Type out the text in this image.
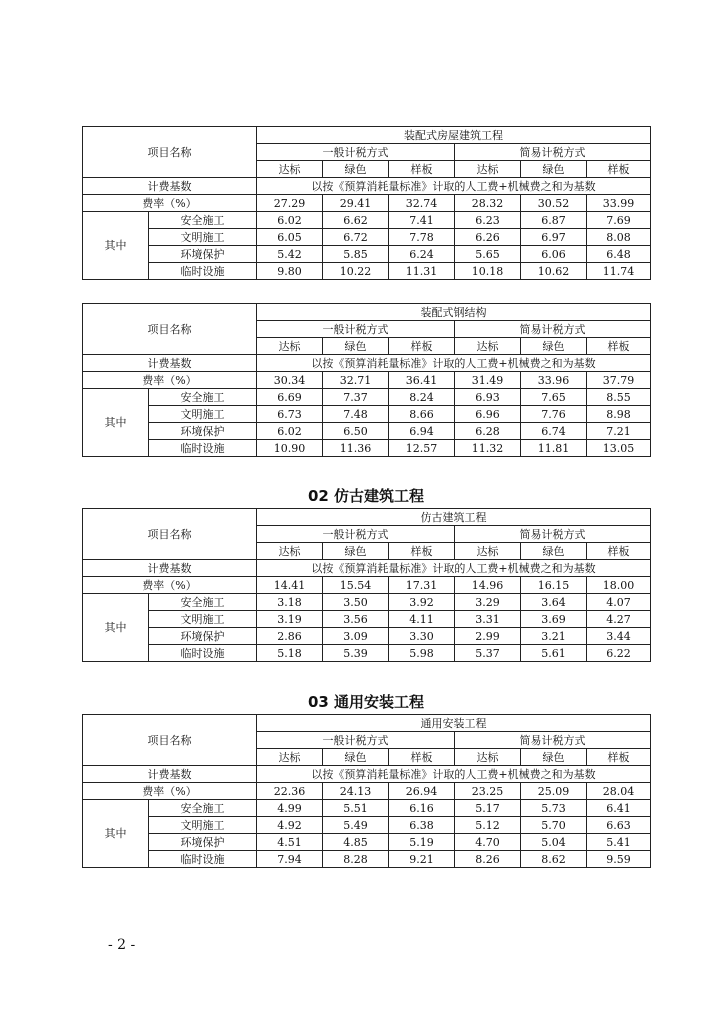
02 仿古建筑工程
03 通用安装工程
项目名称		装配式房屋建筑工程					
		一般计税方式			简易计税方式		
		达标	绿色	样板	达标	绿色	样板
计费基数		以按《预算消耗量标准》计取的人工费+机械费之和为基数					
费率（%）		27.29	29.41	32.74	28.32	30.52	33.99
其中	安全施工	6.02	6.62	7.41	6.23	6.87	7.69
	文明施工	6.05	6.72	7.78	6.26	6.97	8.08
	环境保护	5.42	5.85	6.24	5.65	6.06	6.48
	临时设施	9.80	10.22	11.31	10.18	10.62	11.74
项目名称		装配式钢结构					
		一般计税方式			简易计税方式		
		达标	绿色	样板	达标	绿色	样板
计费基数		以按《预算消耗量标准》计取的人工费+机械费之和为基数					
费率（%）		30.34	32.71	36.41	31.49	33.96	37.79
其中	安全施工	6.69	7.37	8.24	6.93	7.65	8.55
	文明施工	6.73	7.48	8.66	6.96	7.76	8.98
	环境保护	6.02	6.50	6.94	6.28	6.74	7.21
	临时设施	10.90	11.36	12.57	11.32	11.81	13.05
项目名称		仿古建筑工程					
		一般计税方式			简易计税方式		
		达标	绿色	样板	达标	绿色	样板
计费基数		以按《预算消耗量标准》计取的人工费+机械费之和为基数					
费率（%）		14.41	15.54	17.31	14.96	16.15	18.00
其中	安全施工	3.18	3.50	3.92	3.29	3.64	4.07
	文明施工	3.19	3.56	4.11	3.31	3.69	4.27
	环境保护	2.86	3.09	3.30	2.99	3.21	3.44
	临时设施	5.18	5.39	5.98	5.37	5.61	6.22
项目名称		通用安装工程					
		一般计税方式			简易计税方式		
		达标	绿色	样板	达标	绿色	样板
计费基数		以按《预算消耗量标准》计取的人工费+机械费之和为基数					
费率（%）		22.36	24.13	26.94	23.25	25.09	28.04
其中	安全施工	4.99	5.51	6.16	5.17	5.73	6.41
	文明施工	4.92	5.49	6.38	5.12	5.70	6.63
	环境保护	4.51	4.85	5.19	4.70	5.04	5.41
	临时设施	7.94	8.28	9.21	8.26	8.62	9.59
- 2 -
